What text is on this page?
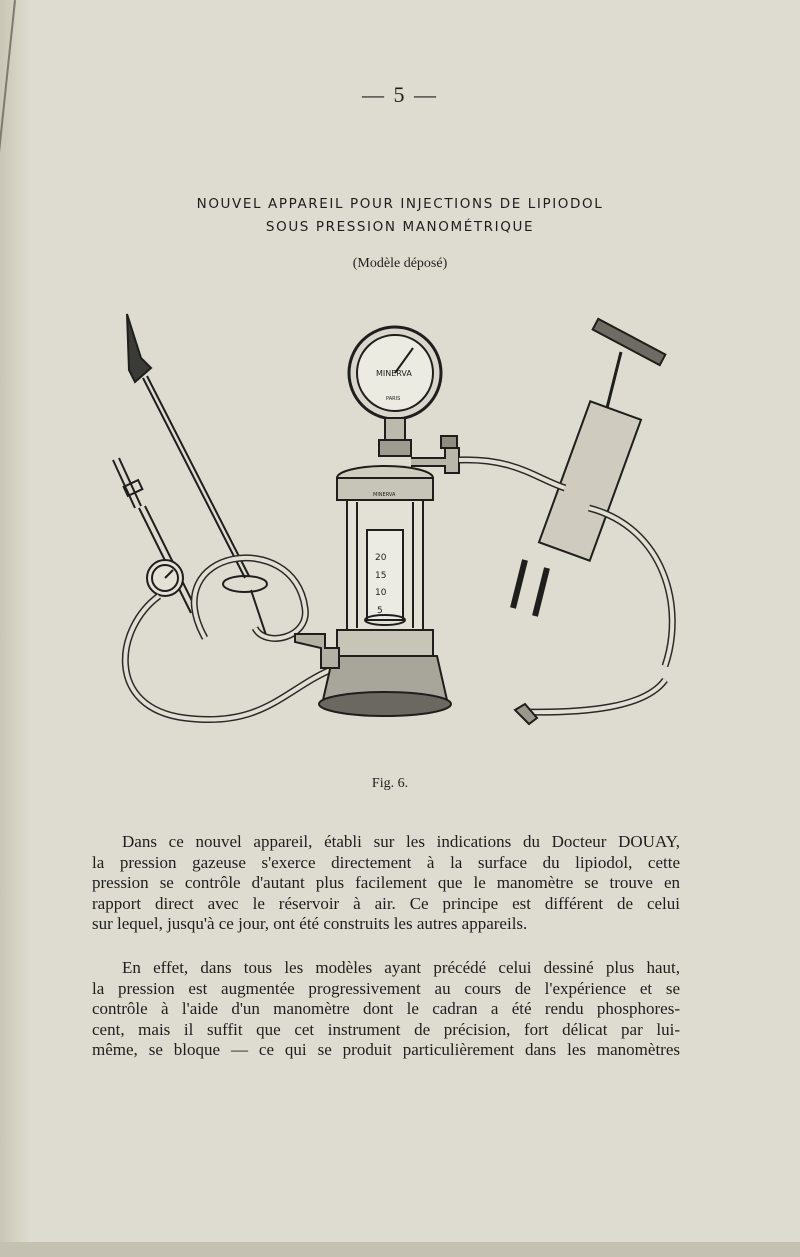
— 5 —
NOUVEL APPAREIL POUR INJECTIONS DE LIPIODOL
SOUS PRESSION MANOMÉTRIQUE
(Modèle déposé)
MINERVA
PARIS
MINERVA
20
15
10
5
Fig. 6.
Dans ce nouvel appareil, établi sur les indications du Docteur DOUAY,
la pression gazeuse s'exerce directement à la surface du lipiodol, cette
pression se contrôle d'autant plus facilement que le manomètre se trouve en
rapport direct avec le réservoir à air. Ce principe est différent de celui
sur lequel, jusqu'à ce jour, ont été construits les autres appareils.
En effet, dans tous les modèles ayant précédé celui dessiné plus haut,
la pression est augmentée progressivement au cours de l'expérience et se
contrôle à l'aide d'un manomètre dont le cadran a été rendu phosphores-
cent, mais il suffit que cet instrument de précision, fort délicat par lui-
même, se bloque — ce qui se produit particulièrement dans les manomètres
